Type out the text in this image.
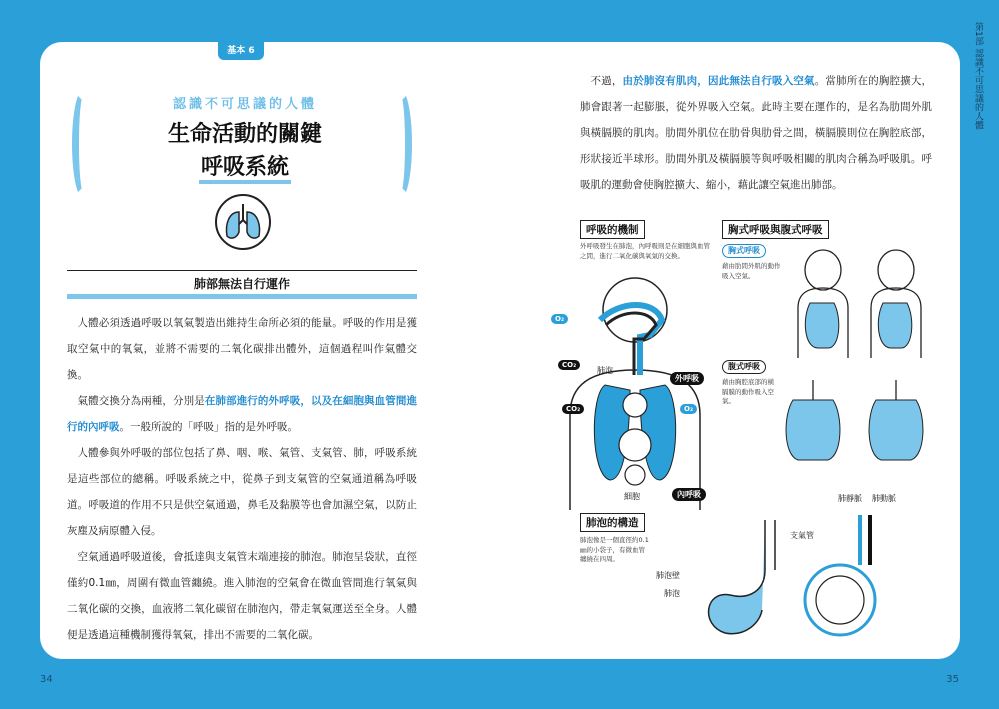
第1部 認識不可思議的人體
基本 6
認識不可思議的人體
生命活動的關鍵
呼吸系統
肺部無法自行運作

人體必須透過呼吸以氧氣製造出維持生命所必須的能量。呼吸的作用是獲取空氣中的氧氣，並將不需要的二氧化碳排出體外，這個過程叫作氣體交換。

氣體交換分為兩種，分別是在肺部進行的外呼吸，以及在細胞與血管間進行的內呼吸。一般所說的「呼吸」指的是外呼吸。

人體參與外呼吸的部位包括了鼻、咽、喉、氣管、支氣管、肺，呼吸系統是這些部位的總稱。呼吸系統之中，從鼻子到支氣管的空氣通道稱為呼吸道。呼吸道的作用不只是供空氣通過，鼻毛及黏膜等也會加濕空氣，以防止灰塵及病原體入侵。

空氣通過呼吸道後，會抵達與支氣管末端連接的肺泡。肺泡呈袋狀，直徑僅約0.1㎜，周圍有微血管纏繞。進入肺泡的空氣會在微血管間進行氧氣與二氧化碳的交換，血液將二氧化碳留在肺泡內，帶走氧氣運送至全身。人體便是透過這種機制獲得氧氣，排出不需要的二氧化碳。

不過，由於肺沒有肌肉，因此無法自行吸入空氣。當肺所在的胸腔擴大，肺會跟著一起膨脹，從外界吸入空氣。此時主要在運作的，是名為肋間外肌與橫膈膜的肌肉。肋間外肌位在肋骨與肋骨之間，橫膈膜則位在胸腔底部，形狀接近半球形。肋間外肌及橫膈膜等與呼吸相關的肌肉合稱為呼吸肌。呼吸肌的運動會使胸腔擴大、縮小，藉此讓空氣進出肺部。

呼吸的機制
外呼吸發生在肺泡，內呼吸則是在細胞與血管之間，進行二氧化碳與氧氣的交換。
O₂
CO₂
CO₂	O₂
肺泡
外呼吸
內呼吸
細胞
胸式呼吸與腹式呼吸
胸式呼吸
藉由肋間外肌的動作吸入空氣。
腹式呼吸
藉由胸腔底部的橫膈膜的動作吸入空氣。
肺泡的構造
肺泡像是一個直徑約0.1㎜的小袋子，有微血管纏繞在四周。
支氣管
肺靜脈 肺動脈
肺泡壁
肺泡
34	35
